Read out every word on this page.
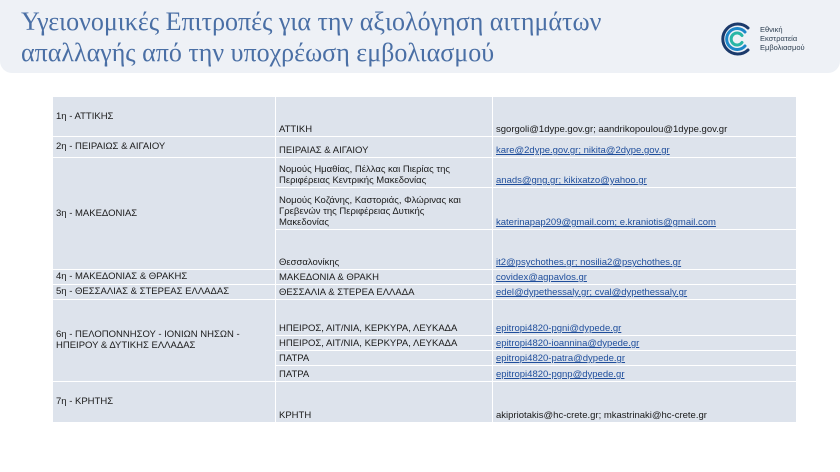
Υγειονομικές Επιτροπές για την αξιολόγηση αιτημάτων απαλλαγής από την υποχρέωση εμβολιασμού
Εθνική
Εκστρατεία
Εμβολιασμού
1η - ΑΤΤΙΚΗΣ	ΑΤΤΙΚΗ	sgorgoli@1dype.gov.gr; aandrikopoulou@1dype.gov.gr
2η - ΠΕΙΡΑΙΩΣ & ΑΙΓΑΙΟΥ	ΠΕΙΡΑΙΑΣ & ΑΙΓΑΙΟΥ	kare@2dype.gov.gr; nikita@2dype.gov.gr
3η - ΜΑΚΕΔΟΝΙΑΣ	Νομούς Ημαθίας, Πέλλας και Πιερίας της
Περιφέρειας Κεντρικής Μακεδονίας	anads@gng.gr; kikixatzo@yahoo.gr

	Νομούς Κοζάνης, Καστοριάς, Φλώρινας και
Γρεβενών της Περιφέρειας Δυτικής
Μακεδονίας	katerinapap209@gmail.com; e.kraniotis@gmail.com
	Θεσσαλονίκης	it2@psychothes.gr; nosilia2@psychothes.gr
4η - ΜΑΚΕΔΟΝΙΑΣ & ΘΡΑΚΗΣ	ΜΑΚΕΔΟΝΙΑ & ΘΡΑΚΗ	covidex@agpavlos.gr
5η - ΘΕΣΣΑΛΙΑΣ & ΣΤΕΡΕΑΣ ΕΛΛΑΔΑΣ	ΘΕΣΣΑΛΙΑ & ΣΤΕΡΕΑ ΕΛΛΑΔΑ	edel@dypethessaly.gr; cval@dypethessaly.gr

6η - ΠΕΛΟΠΟΝΝΗΣΟΥ - ΙΟΝΙΩΝ ΝΗΣΩΝ -
ΗΠΕΙΡΟΥ & ΔΥΤΙΚΗΣ ΕΛΛΑΔΑΣ	ΗΠΕΙΡΟΣ, ΑΙΤ/ΝΙΑ, ΚΕΡΚΥΡΑ, ΛΕΥΚΑΔΑ	epitropi4820-pgni@dypede.gr
	ΗΠΕΙΡΟΣ, ΑΙΤ/ΝΙΑ, ΚΕΡΚΥΡΑ, ΛΕΥΚΑΔΑ	epitropi4820-ioannina@dypede.gr
	ΠΑΤΡΑ	epitropi4820-patra@dypede.gr
	ΠΑΤΡΑ	epitropi4820-pgnp@dypede.gr
7η - ΚΡΗΤΗΣ	ΚΡΗΤΗ	akipriotakis@hc-crete.gr; mkastrinaki@hc-crete.gr
